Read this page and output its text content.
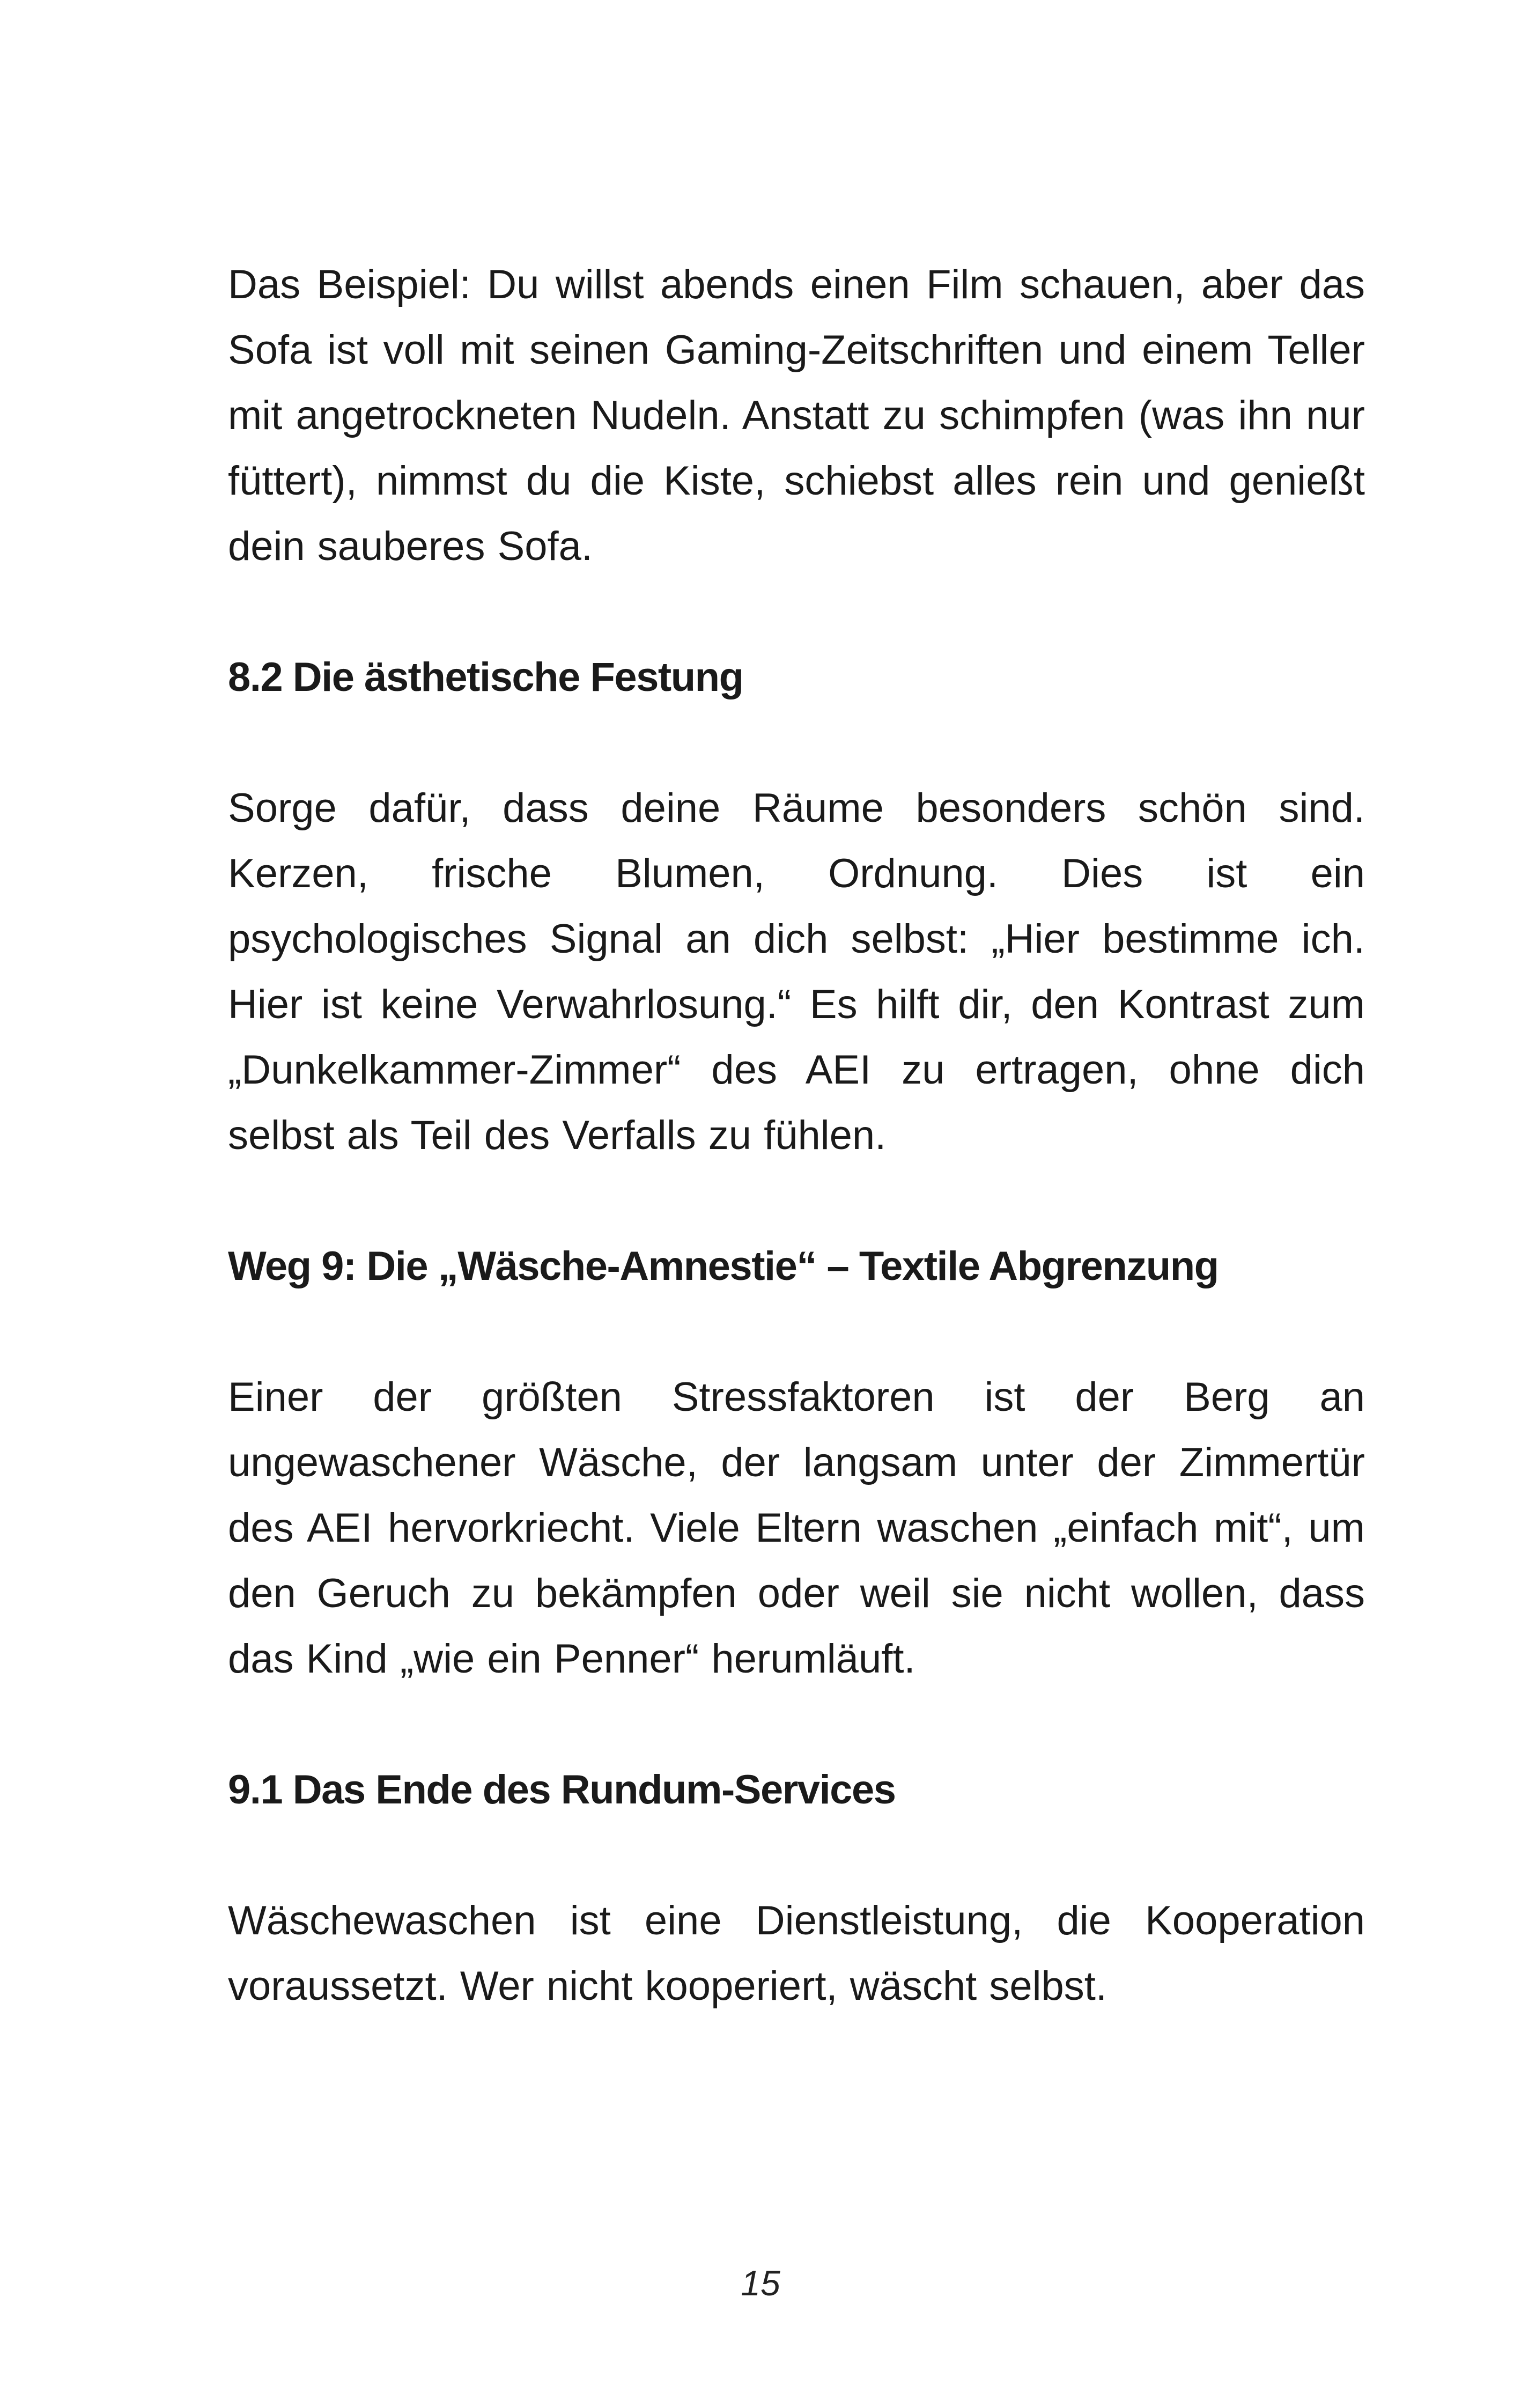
Das Beispiel: Du willst abends einen Film schauen, aber das Sofa ist voll mit seinen Gaming-Zeitschriften und einem Teller mit angetrockneten Nudeln. Anstatt zu schimpfen (was ihn nur füttert), nimmst du die Kiste, schiebst alles rein und genießt dein sauberes Sofa.

8.2 Die ästhetische Festung

Sorge dafür, dass deine Räume besonders schön sind. Kerzen, frische Blumen, Ordnung. Dies ist ein psychologisches Signal an dich selbst: „Hier bestimme ich. Hier ist keine Verwahrlosung.“ Es hilft dir, den Kontrast zum „Dunkelkammer-Zimmer“ des AEI zu ertragen, ohne dich selbst als Teil des Verfalls zu fühlen.

Weg 9: Die „Wäsche-Amnestie“ – Textile Abgrenzung

Einer der größten Stressfaktoren ist der Berg an ungewaschener Wäsche, der langsam unter der Zimmertür des AEI hervorkriecht. Viele Eltern waschen „einfach mit“, um den Geruch zu bekämpfen oder weil sie nicht wollen, dass das Kind „wie ein Penner“ herumläuft.

9.1 Das Ende des Rundum-Services

Wäschewaschen ist eine Dienstleistung, die Kooperation voraussetzt. Wer nicht kooperiert, wäscht selbst.

15
